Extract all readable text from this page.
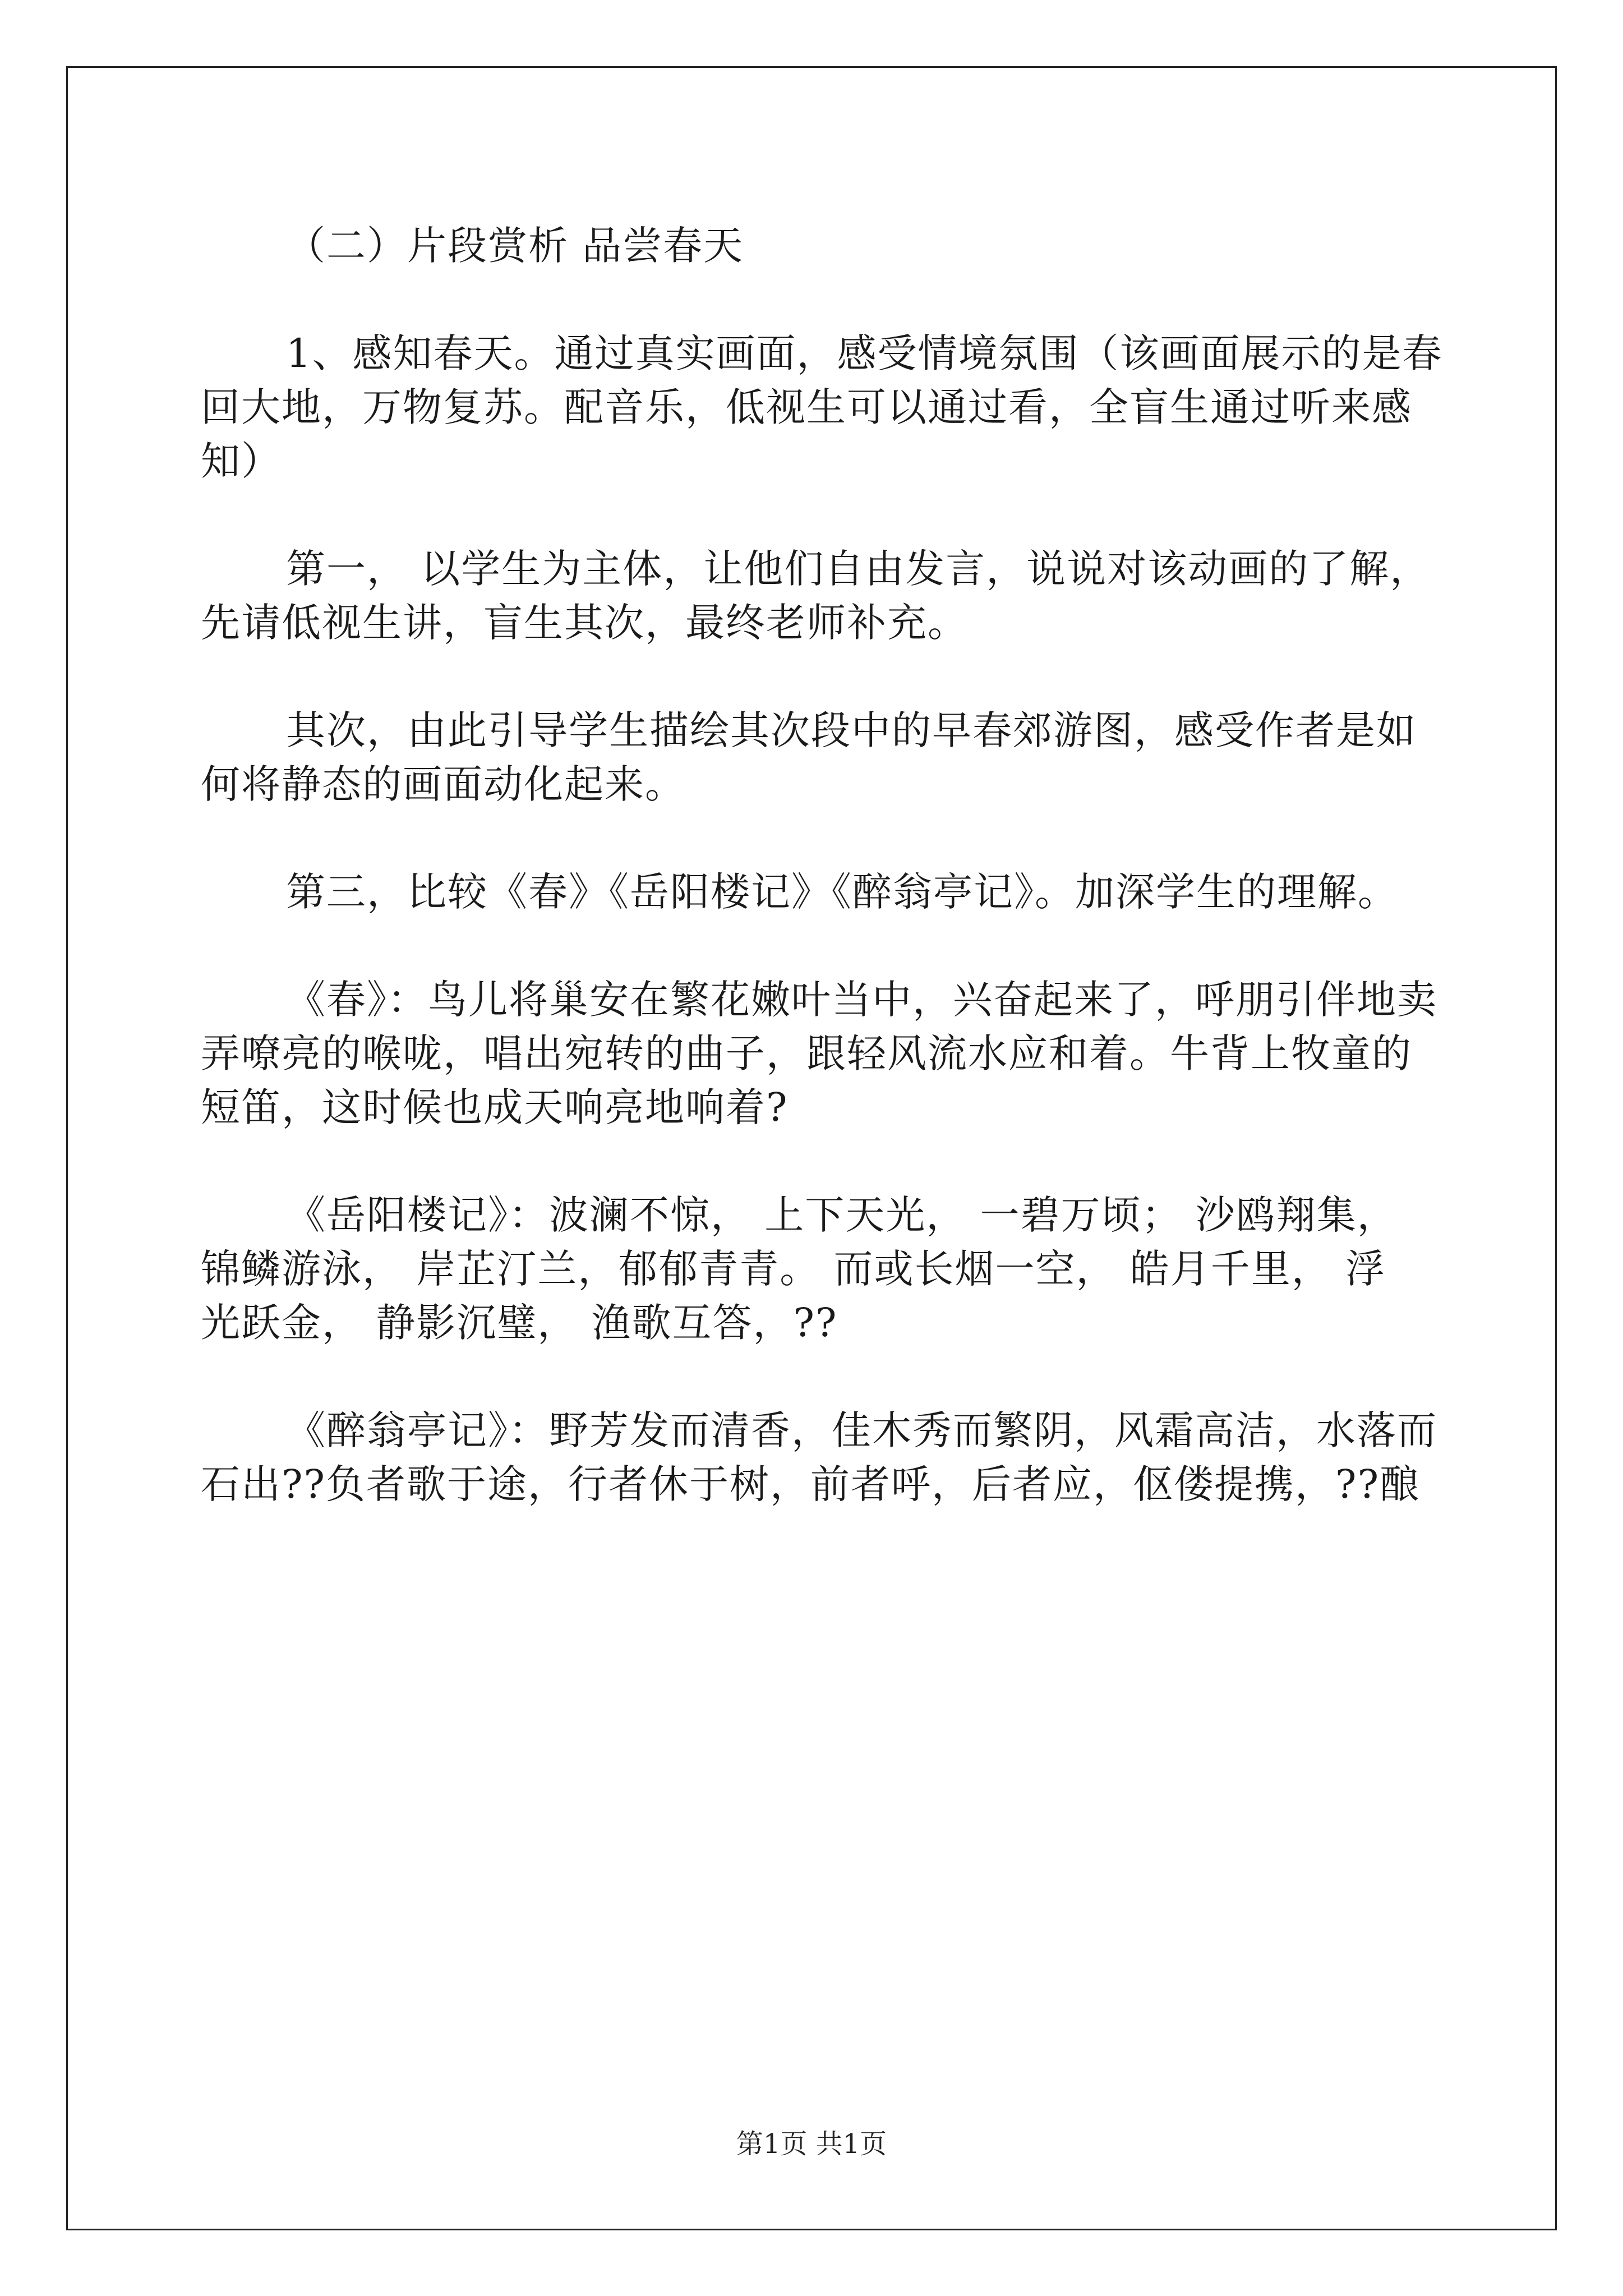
（二）片段赏析 品尝春天
1、感知春天。通过真实画面，感受情境氛围（该画面展示的是春
回大地，万物复苏。配音乐，低视生可以通过看，全盲生通过听来感
知）
第一， 以学生为主体，让他们自由发言，说说对该动画的了解，
先请低视生讲，盲生其次，最终老师补充。
其次，由此引导学生描绘其次段中的早春郊游图，感受作者是如
何将静态的画面动化起来。
第三，比较《春》《岳阳楼记》《醉翁亭记》。加深学生的理解。
《春》：鸟儿将巢安在繁花嫩叶当中，兴奋起来了，呼朋引伴地卖
弄嘹亮的喉咙，唱出宛转的曲子，跟轻风流水应和着。牛背上牧童的
短笛，这时候也成天响亮地响着?
《岳阳楼记》：波澜不惊， 上下天光， 一碧万顷； 沙鸥翔集，
锦鳞游泳， 岸芷汀兰，郁郁青青。 而或长烟一空， 皓月千里， 浮
光跃金， 静影沉璧， 渔歌互答，??
《醉翁亭记》：野芳发而清香，佳木秀而繁阴，风霜高洁，水落而
石出??负者歌于途，行者休于树，前者呼，后者应，伛偻提携，??酿
第1页 共1页
